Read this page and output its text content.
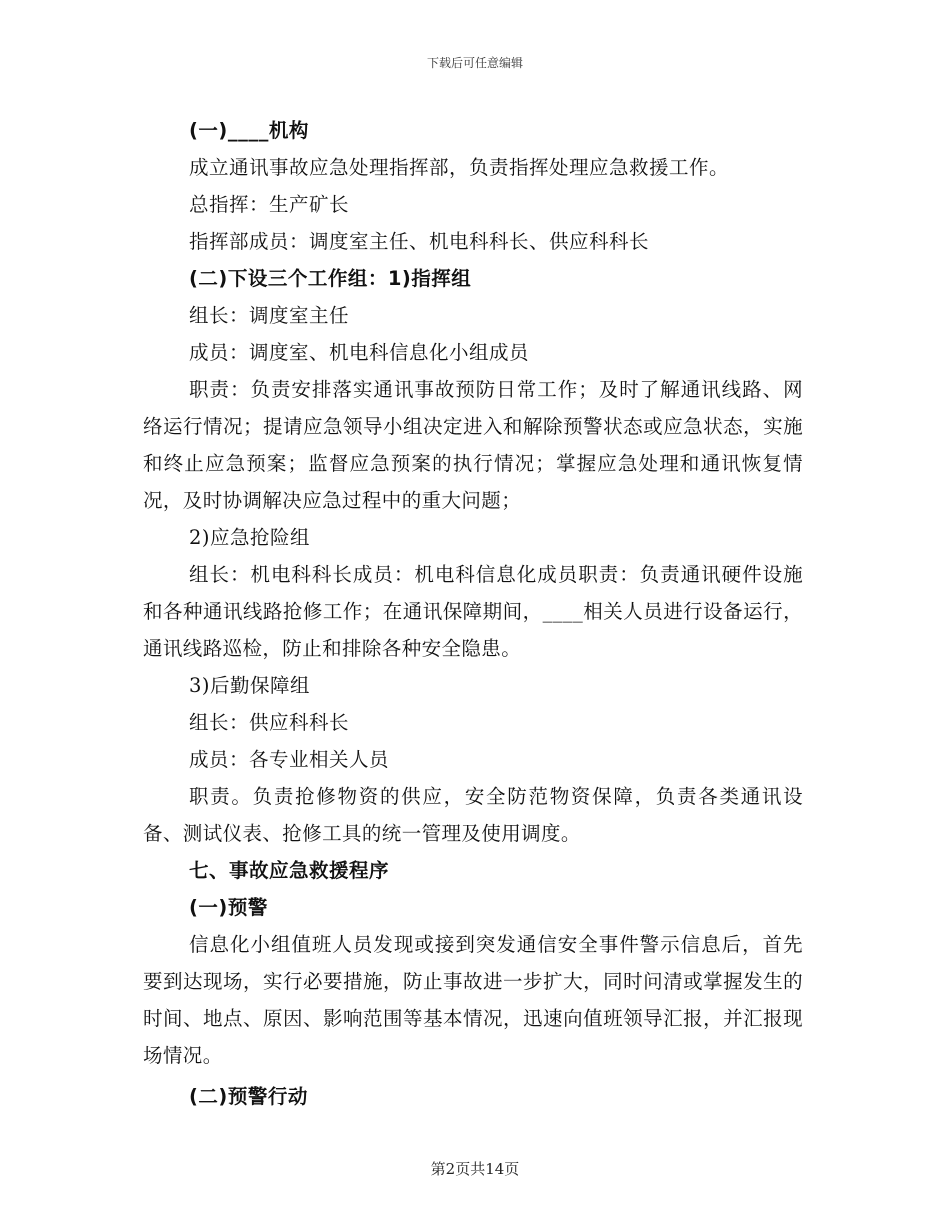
下载后可任意编辑
(一)____机构
成立通讯事故应急处理指挥部，负责指挥处理应急救援工作。
总指挥：生产矿长
指挥部成员：调度室主任、机电科科长、供应科科长
(二)下设三个工作组：1)指挥组
组长：调度室主任
成员：调度室、机电科信息化小组成员
职责：负责安排落实通讯事故预防日常工作；及时了解通讯线路、网络运行情况；提请应急领导小组决定进入和解除预警状态或应急状态，实施和终止应急预案；监督应急预案的执行情况；掌握应急处理和通讯恢复情况，及时协调解决应急过程中的重大问题；
2)应急抢险组
组长：机电科科长成员：机电科信息化成员职责：负责通讯硬件设施和各种通讯线路抢修工作；在通讯保障期间，____相关人员进行设备运行，通讯线路巡检，防止和排除各种安全隐患。
3)后勤保障组
组长：供应科科长
成员：各专业相关人员
职责。负责抢修物资的供应，安全防范物资保障，负责各类通讯设备、测试仪表、抢修工具的统一管理及使用调度。
七、事故应急救援程序
(一)预警
信息化小组值班人员发现或接到突发通信安全事件警示信息后，首先要到达现场，实行必要措施，防止事故进一步扩大，同时问清或掌握发生的时间、地点、原因、影响范围等基本情况，迅速向值班领导汇报，并汇报现场情况。
(二)预警行动
第2页共14页
